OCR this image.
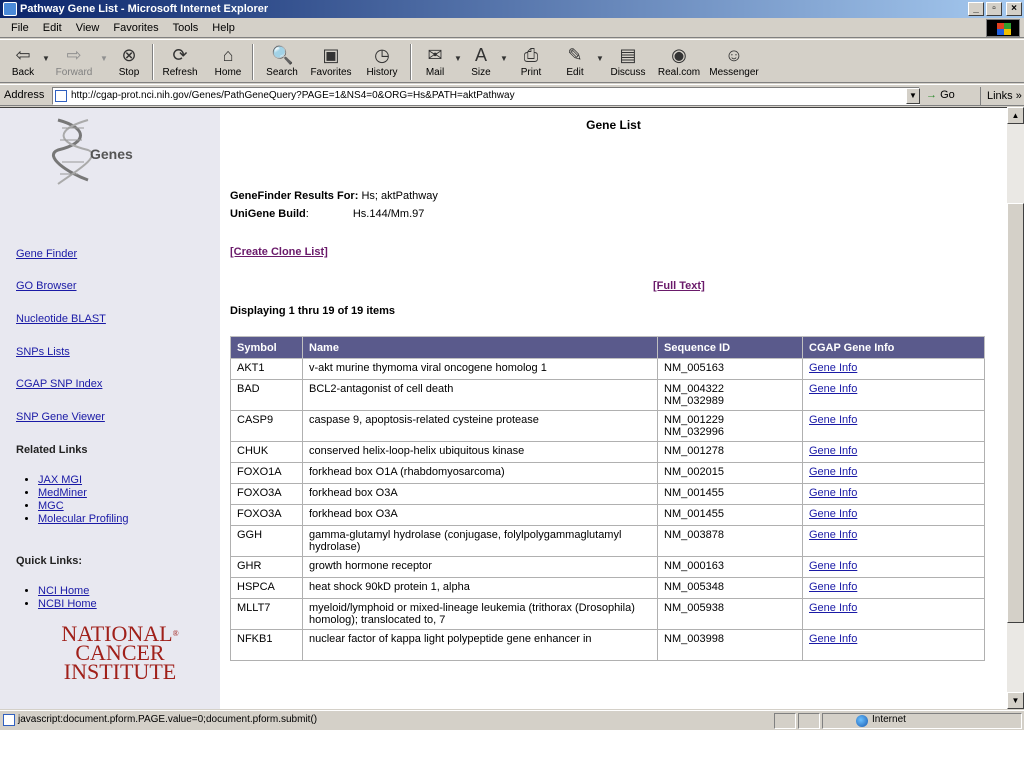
Pathway Gene List - Microsoft Internet Explorer	_	▫	×
File	Edit	View	Favorites	Tools	Help
⇦
Back
▼ ⇨
Forward
▼ ⊗
Stop
⟳
Refresh
⌂
Home
🔍
Search
▣
Favorites
◷
History
✉
Mail
▼ A
Size
▼ ⎙
Print
✎
Edit
▼ ▤
Discuss
◉
Real.com
☺
Messenger
Address	http://cgap-prot.nci.nih.gov/Genes/PathGeneQuery?PAGE=1&NS4=0&ORG=Hs&PATH=aktPathway	▼ → Go	Links »
Genes
Gene Finder
GO Browser
Nucleotide BLAST
SNPs Lists
CGAP SNP Index
SNP Gene Viewer
Related Links
• JAX MGI
• MedMiner
• MGC
• Molecular Profiling
Quick Links:
• NCI Home
• NCBI Home
NATIONAL®
CANCER
INSTITUTE
Gene List
GeneFinder Results For: Hs; aktPathway
UniGene Build:	Hs.144/Mm.97
[Create Clone List]
[Full Text]
Displaying 1 thru 19 of 19 items
Symbol	Name	Sequence ID	CGAP Gene Info
AKT1	v-akt murine thymoma viral oncogene homolog 1	NM_005163	Gene Info
BAD	BCL2-antagonist of cell death	NM_004322
NM_032989	Gene Info
CASP9	caspase 9, apoptosis-related cysteine protease	NM_001229
NM_032996	Gene Info
CHUK	conserved helix-loop-helix ubiquitous kinase	NM_001278	Gene Info
FOXO1A	forkhead box O1A (rhabdomyosarcoma)	NM_002015	Gene Info
FOXO3A	forkhead box O3A	NM_001455	Gene Info
FOXO3A	forkhead box O3A	NM_001455	Gene Info
GGH	gamma-glutamyl hydrolase (conjugase, folylpolygammaglutamyl hydrolase)	NM_003878	Gene Info
GHR	growth hormone receptor	NM_000163	Gene Info
HSPCA	heat shock 90kD protein 1, alpha	NM_005348	Gene Info
MLLT7	myeloid/lymphoid or mixed-lineage leukemia (trithorax (Drosophila) homolog); translocated to, 7	NM_005938	Gene Info
NFKB1	nuclear factor of kappa light polypeptide gene enhancer in	NM_003998	Gene Info
▲
▼
javascript:document.pform.PAGE.value=0;document.pform.submit()	Internet
